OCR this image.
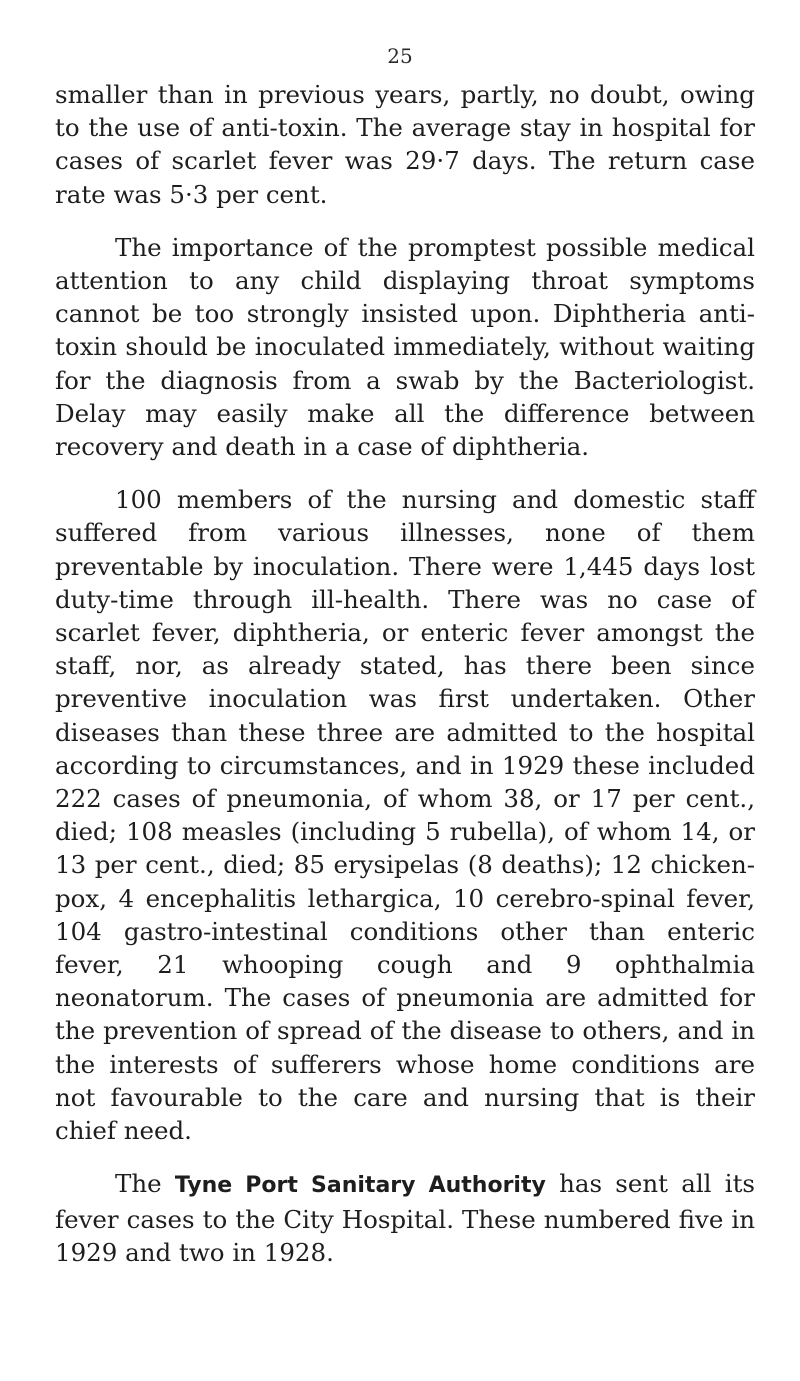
25

smaller than in previous years, partly, no doubt, owing to the use of anti-toxin. The average stay in hospital for cases of scarlet fever was 29·7 days. The return case rate was 5·3 per cent.

The importance of the promptest possible medical attention to any child displaying throat symptoms cannot be too strongly insisted upon. Diphtheria anti-toxin should be inoculated immediately, without waiting for the diagnosis from a swab by the Bacteriologist. Delay may easily make all the difference between recovery and death in a case of diphtheria.

100 members of the nursing and domestic staff suffered from various illnesses, none of them preventable by inoculation. There were 1,445 days lost duty-time through ill-health. There was no case of scarlet fever, diphtheria, or enteric fever amongst the staff, nor, as already stated, has there been since preventive inoculation was first undertaken. Other diseases than these three are admitted to the hospital according to circumstances, and in 1929 these included 222 cases of pneumonia, of whom 38, or 17 per cent., died; 108 measles (including 5 rubella), of whom 14, or 13 per cent., died; 85 erysipelas (8 deaths); 12 chicken-pox, 4 encephalitis lethargica, 10 cerebro-spinal fever, 104 gastro-intestinal conditions other than enteric fever, 21 whooping cough and 9 ophthalmia neonatorum. The cases of pneumonia are admitted for the prevention of spread of the disease to others, and in the interests of sufferers whose home conditions are not favourable to the care and nursing that is their chief need.

The Tyne Port Sanitary Authority has sent all its fever cases to the City Hospital. These numbered five in 1929 and two in 1928.
